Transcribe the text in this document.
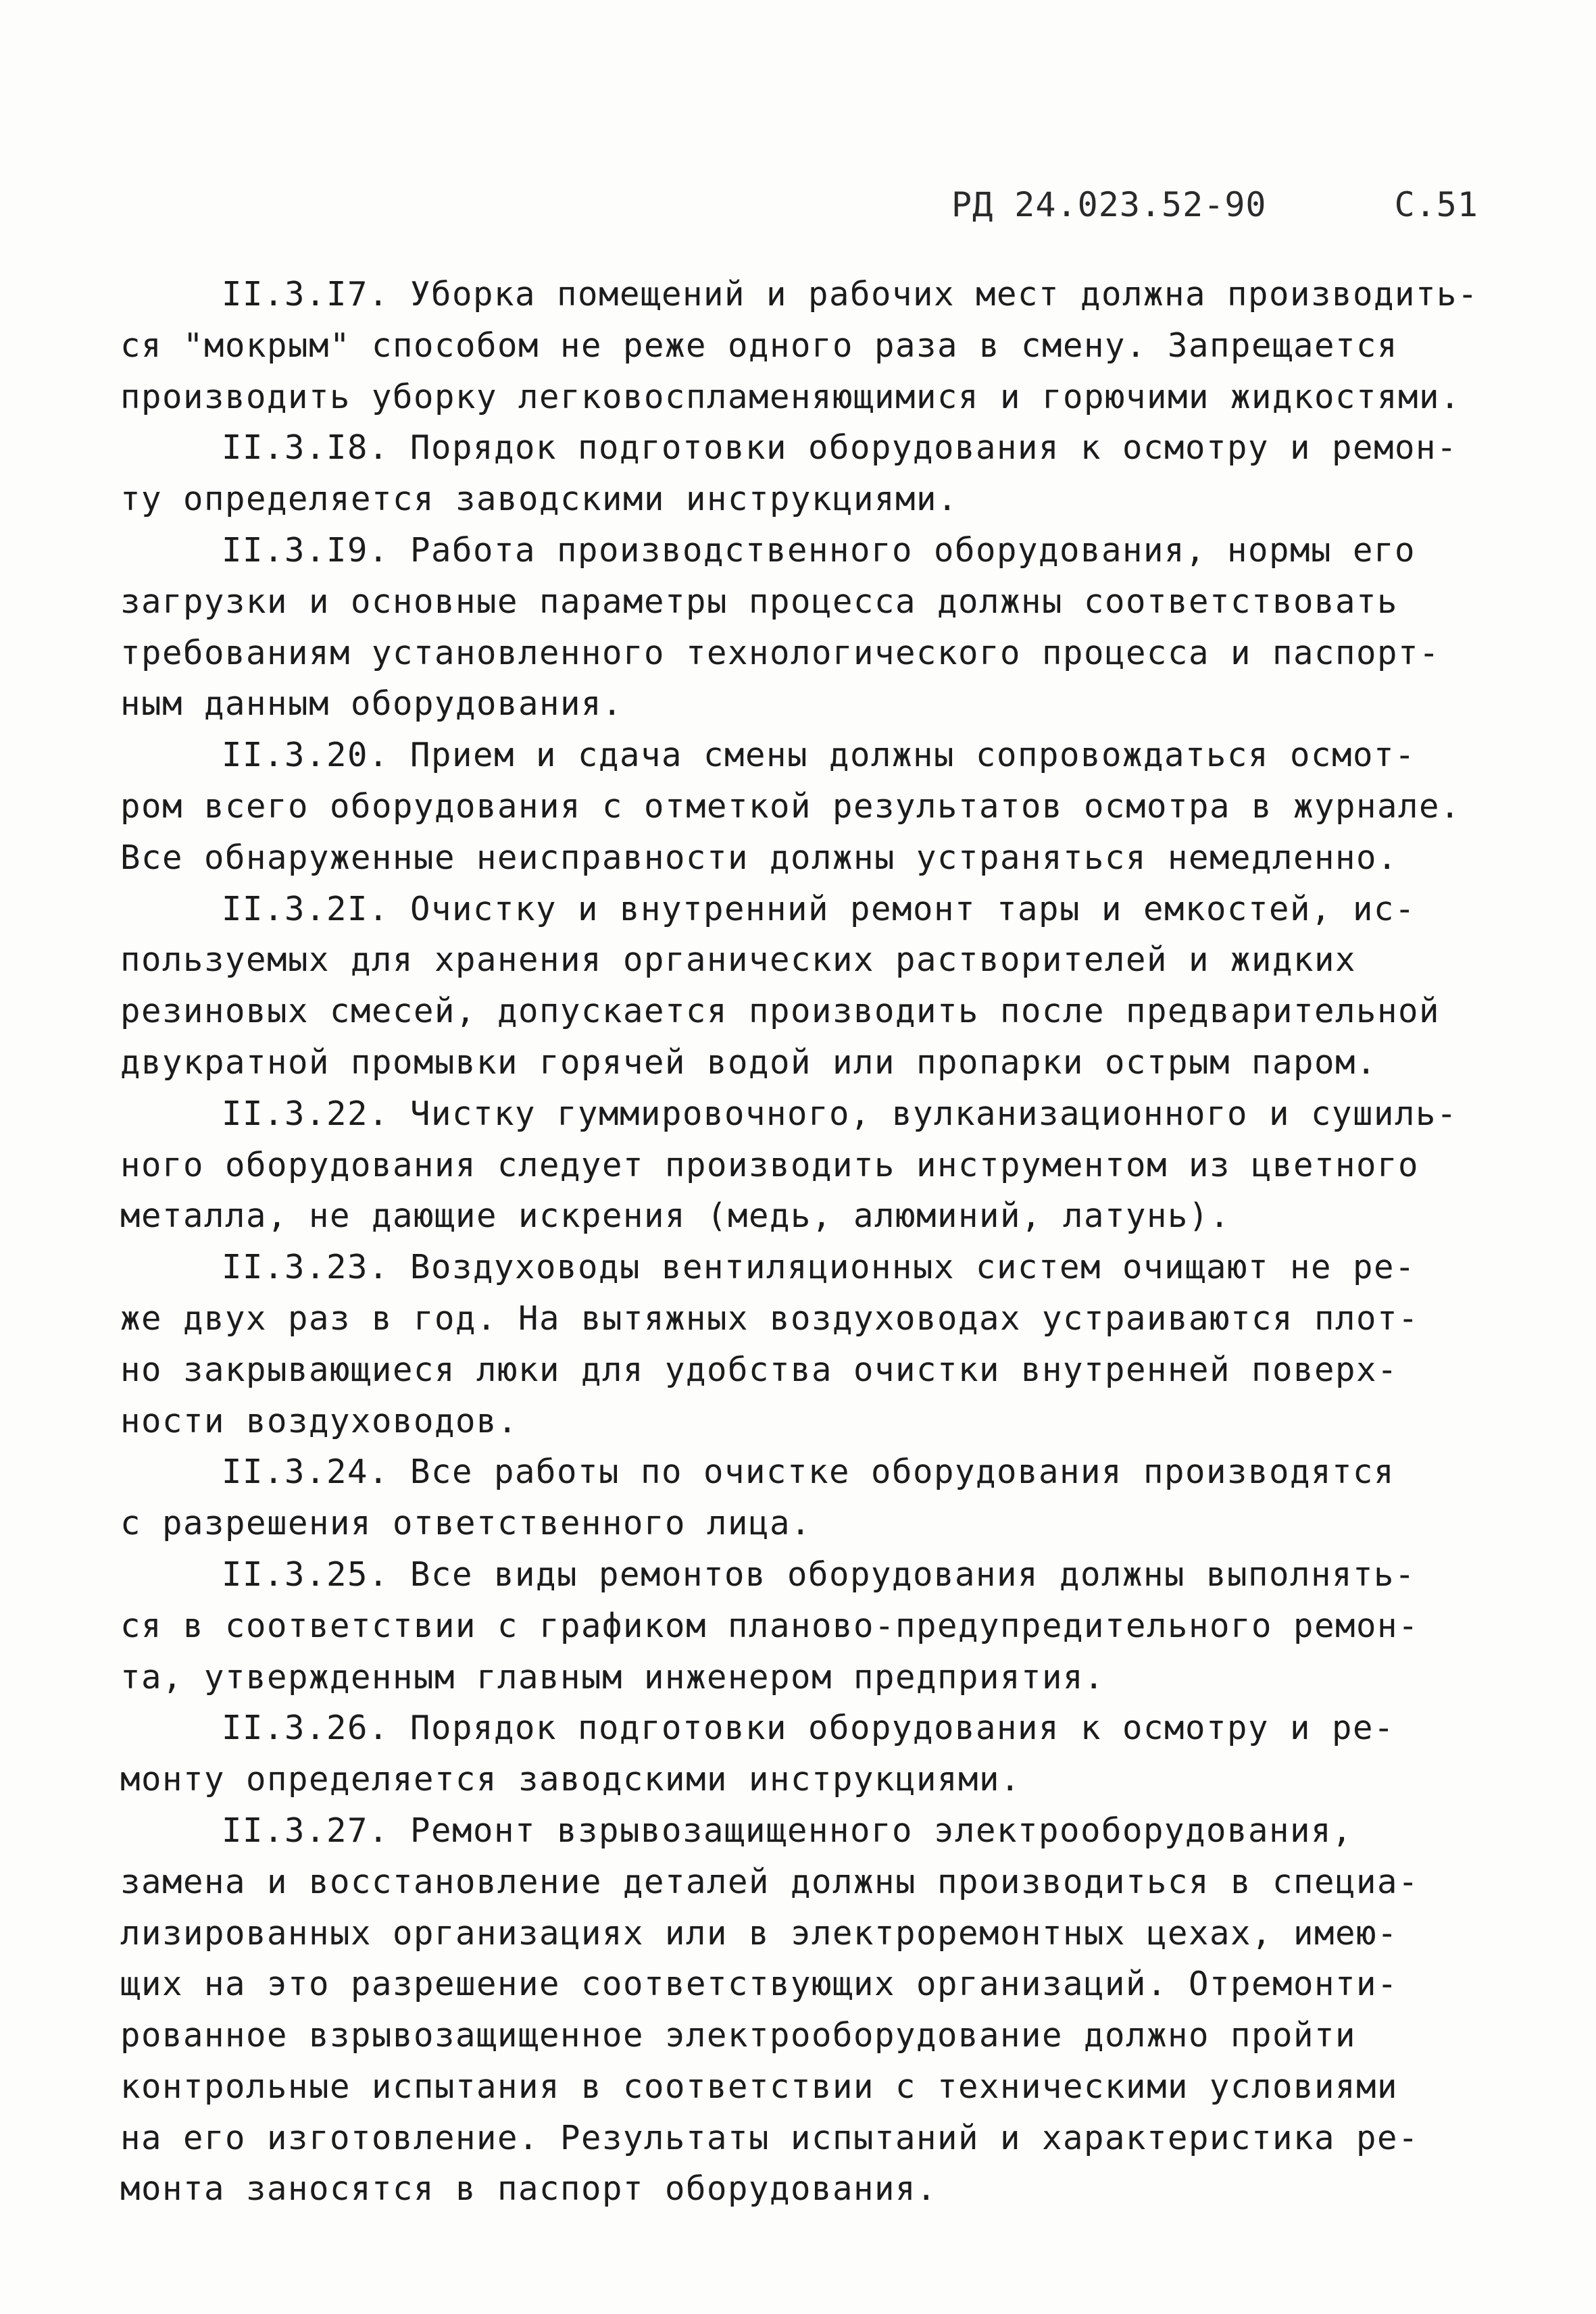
РД 24.023.52-90	С.51

II.3.I7. Уборка помещений и рабочих мест должна производить-
ся "мокрым" способом не реже одного раза в смену. Запрещается
производить уборку легковоспламеняющимися и горючими жидкостями.

II.3.I8. Порядок подготовки оборудования к осмотру и ремон-
ту определяется заводскими инструкциями.

II.3.I9. Работа производственного оборудования, нормы его
загрузки и основные параметры процесса должны соответствовать
требованиям установленного технологического процесса и паспорт-
ным данным оборудования.

II.3.20. Прием и сдача смены должны сопровождаться осмот-
ром всего оборудования с отметкой результатов осмотра в журнале.
Все обнаруженные неисправности должны устраняться немедленно.

II.3.2I. Очистку и внутренний ремонт тары и емкостей, ис-
пользуемых для хранения органических растворителей и жидких
резиновых смесей, допускается производить после предварительной
двукратной промывки горячей водой или пропарки острым паром.

II.3.22. Чистку гуммировочного, вулканизационного и сушиль-
ного оборудования следует производить инструментом из цветного
металла, не дающие искрения (медь, алюминий, латунь).

II.3.23. Воздуховоды вентиляционных систем очищают не ре-
же двух раз в год. На вытяжных воздуховодах устраиваются плот-
но закрывающиеся люки для удобства очистки внутренней поверх-
ности воздуховодов.

II.3.24. Все работы по очистке оборудования производятся
с разрешения ответственного лица.

II.3.25. Все виды ремонтов оборудования должны выполнять-
ся в соответствии с графиком планово-предупредительного ремон-
та, утвержденным главным инженером предприятия.

II.3.26. Порядок подготовки оборудования к осмотру и ре-
монту определяется заводскими инструкциями.

II.3.27. Ремонт взрывозащищенного электрооборудования,
замена и восстановление деталей должны производиться в специа-
лизированных организациях или в электроремонтных цехах, имею-
щих на это разрешение соответствующих организаций. Отремонти-
рованное взрывозащищенное электрооборудование должно пройти
контрольные испытания в соответствии с техническими условиями
на его изготовление. Результаты испытаний и характеристика ре-
монта заносятся в паспорт оборудования.
